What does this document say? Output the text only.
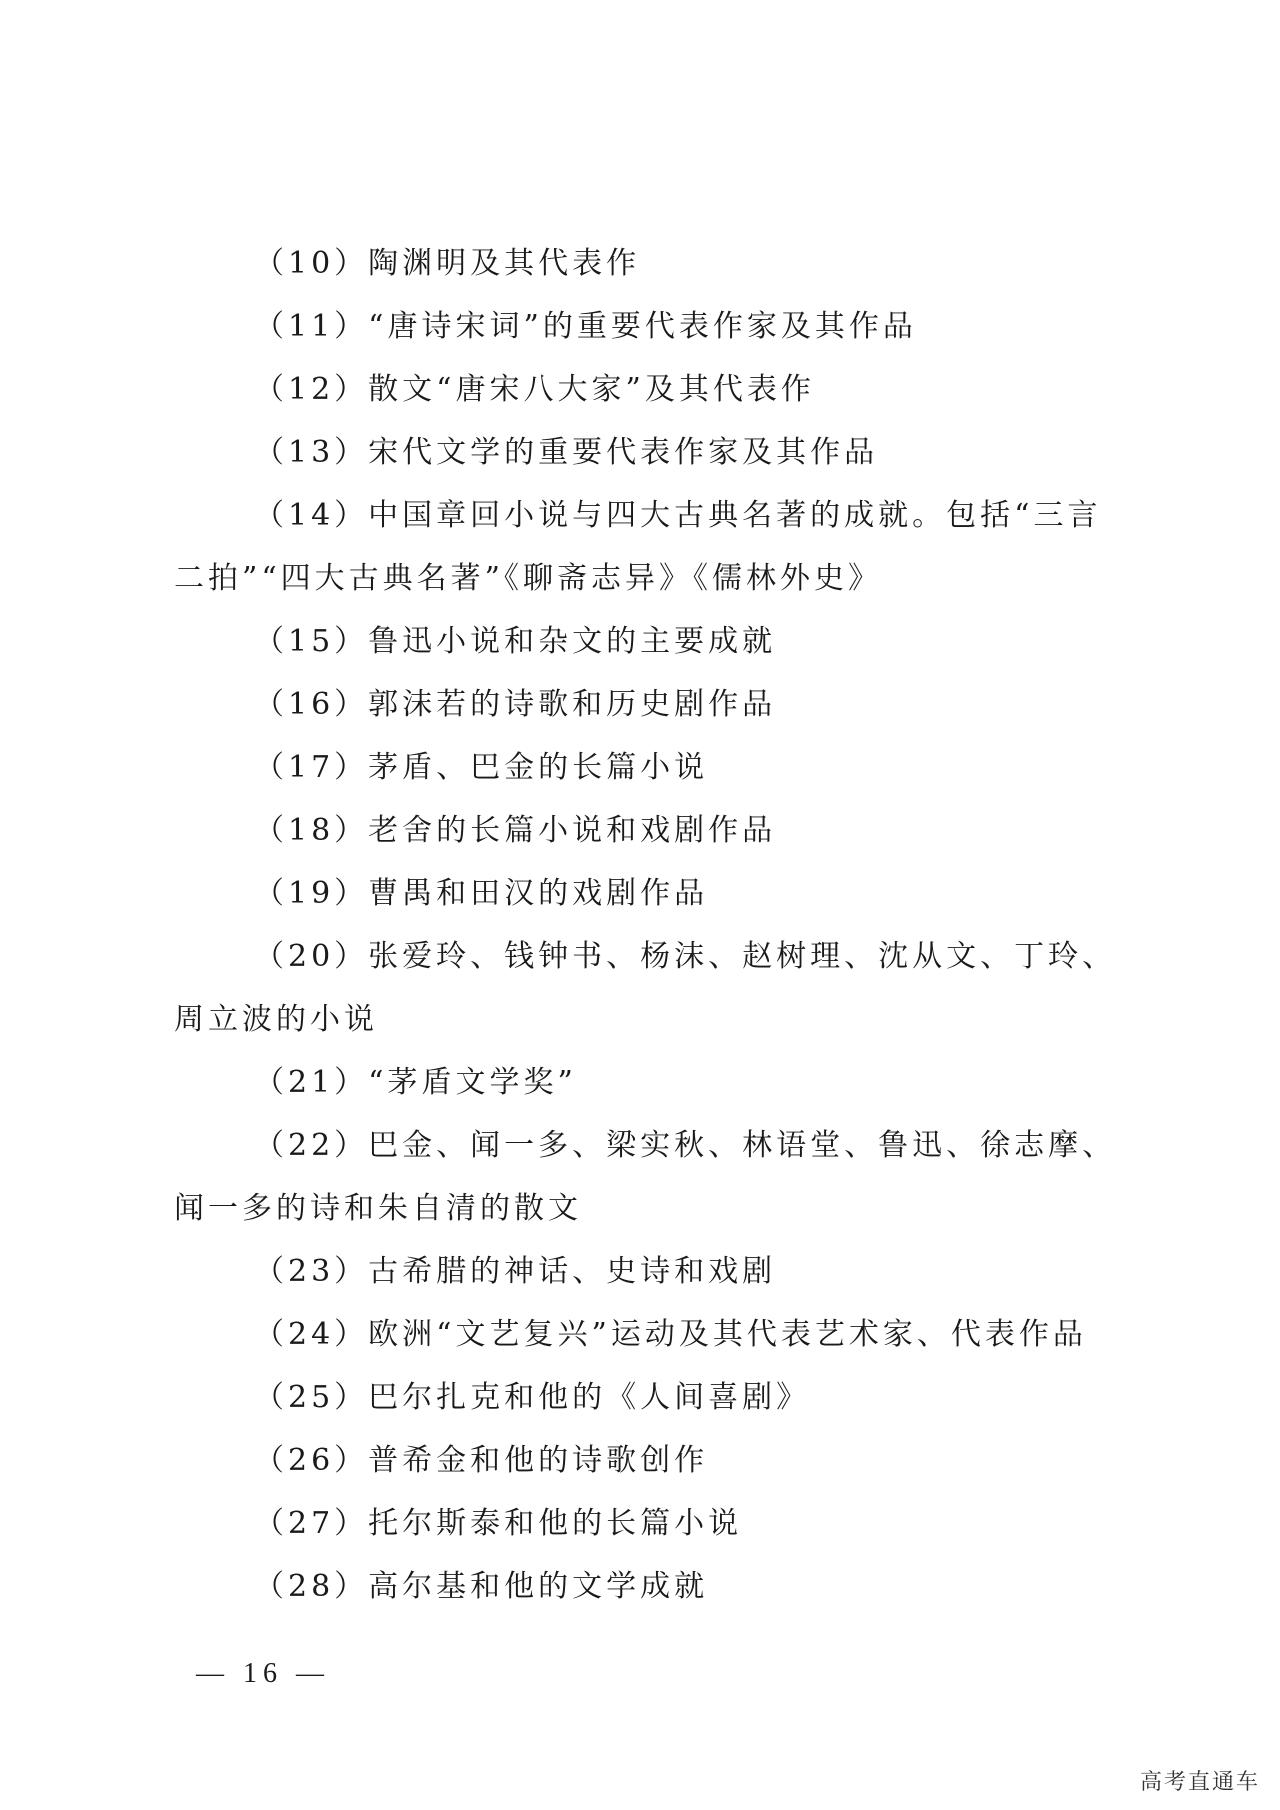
（10）陶渊明及其代表作

（11）“唐诗宋词”的重要代表作家及其作品

（12）散文“唐宋八大家”及其代表作

（13）宋代文学的重要代表作家及其作品

（14）中国章回小说与四大古典名著的成就。包括“三言二拍”“四大古典名著”《聊斋志异》《儒林外史》

（15）鲁迅小说和杂文的主要成就

（16）郭沫若的诗歌和历史剧作品

（17）茅盾、巴金的长篇小说

（18）老舍的长篇小说和戏剧作品

（19）曹禺和田汉的戏剧作品

（20）张爱玲、钱钟书、杨沫、赵树理、沈从文、丁玲、周立波的小说

（21）“茅盾文学奖”

（22）巴金、闻一多、梁实秋、林语堂、鲁迅、徐志摩、闻一多的诗和朱自清的散文

（23）古希腊的神话、史诗和戏剧

（24）欧洲“文艺复兴”运动及其代表艺术家、代表作品

（25）巴尔扎克和他的《人间喜剧》

（26）普希金和他的诗歌创作

（27）托尔斯泰和他的长篇小说

（28）高尔基和他的文学成就

— 16 —
高考直通车
